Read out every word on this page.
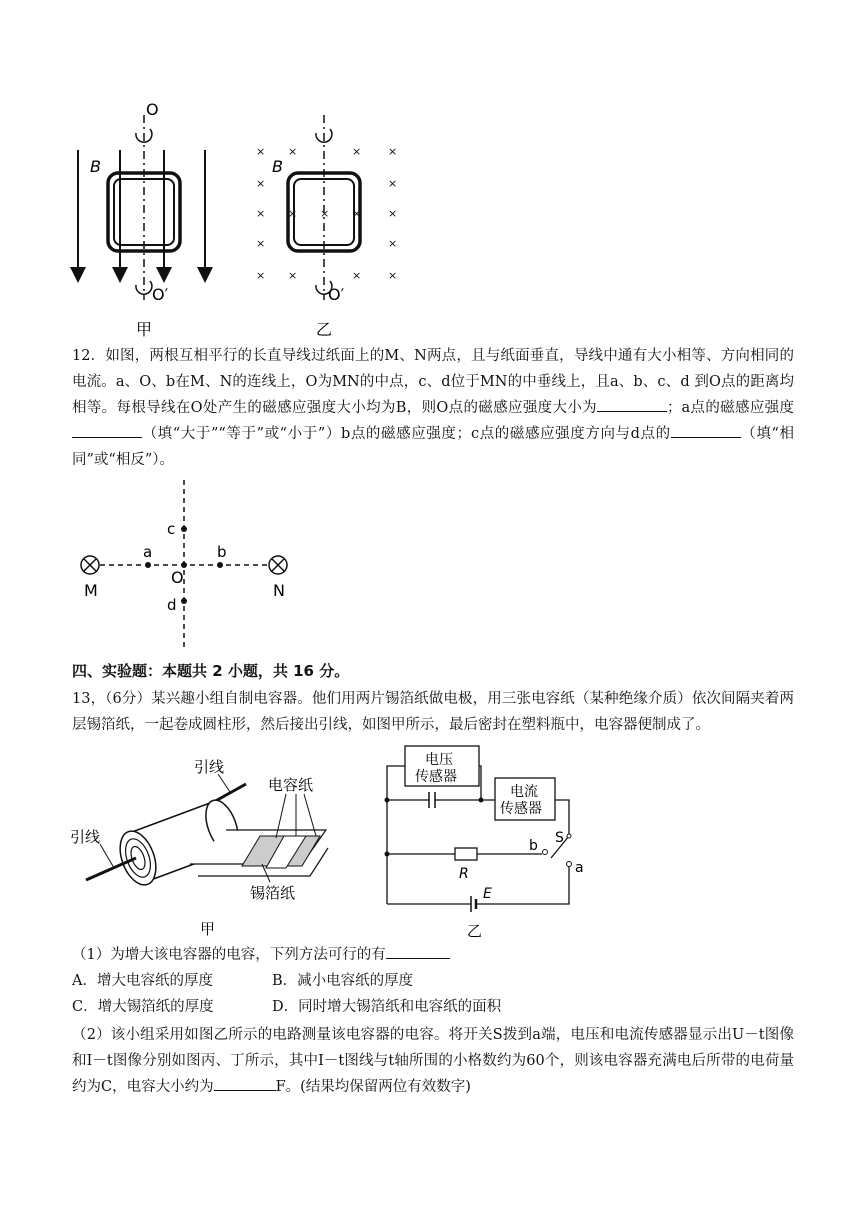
B
O
O′
甲
× ×	× ×
×	×
× × × × ×
×	×
× ×	× ×
B
O′
乙
12．如图，两根互相平行的长直导线过纸面上的M、N两点，且与纸面垂直，导线中通有大小相等、方向相同的电流。a、O、b在M、N的连线上，O为MN的中点，c、d位于MN的中垂线上，且a、b、c、d 到O点的距离均相等。每根导线在O处产生的磁感应强度大小均为B，则O点的磁感应强度大小为	；a点的磁感应强度（填“大于”“等于”或“小于”）b点的磁感应强度；c点的磁感应强度方向与d点的	（填“相同”或“相反”）。
M	N
O
a	b
c
d
四、实验题：本题共 2 小题，共 16 分。
13，（6分）某兴趣小组自制电容器。他们用两片锡箔纸做电极，用三张电容纸（某种绝缘介质）依次间隔夹着两层锡箔纸，一起卷成圆柱形，然后接出引线，如图甲所示，最后密封在塑料瓶中，电容器便制成了。
引线
引线
电容纸
锡箔纸
甲
电压
传感器
电流
传感器
S
a
b
R
E
乙
（1）为增大该电容器的电容，下列方法可行的有
A．增大电容纸的厚度	B．减小电容纸的厚度
C．增大锡箔纸的厚度	D．同时增大锡箔纸和电容纸的面积
（2）该小组采用如图乙所示的电路测量该电容器的电容。将开关S拨到a端，电压和电流传感器显示出U－t图像和I－t图像分别如图丙、丁所示，其中I－t图线与t轴所围的小格数约为60个，则该电容器充满电后所带的电荷量约为C，电容大小约为	F。(结果均保留两位有效数字)
